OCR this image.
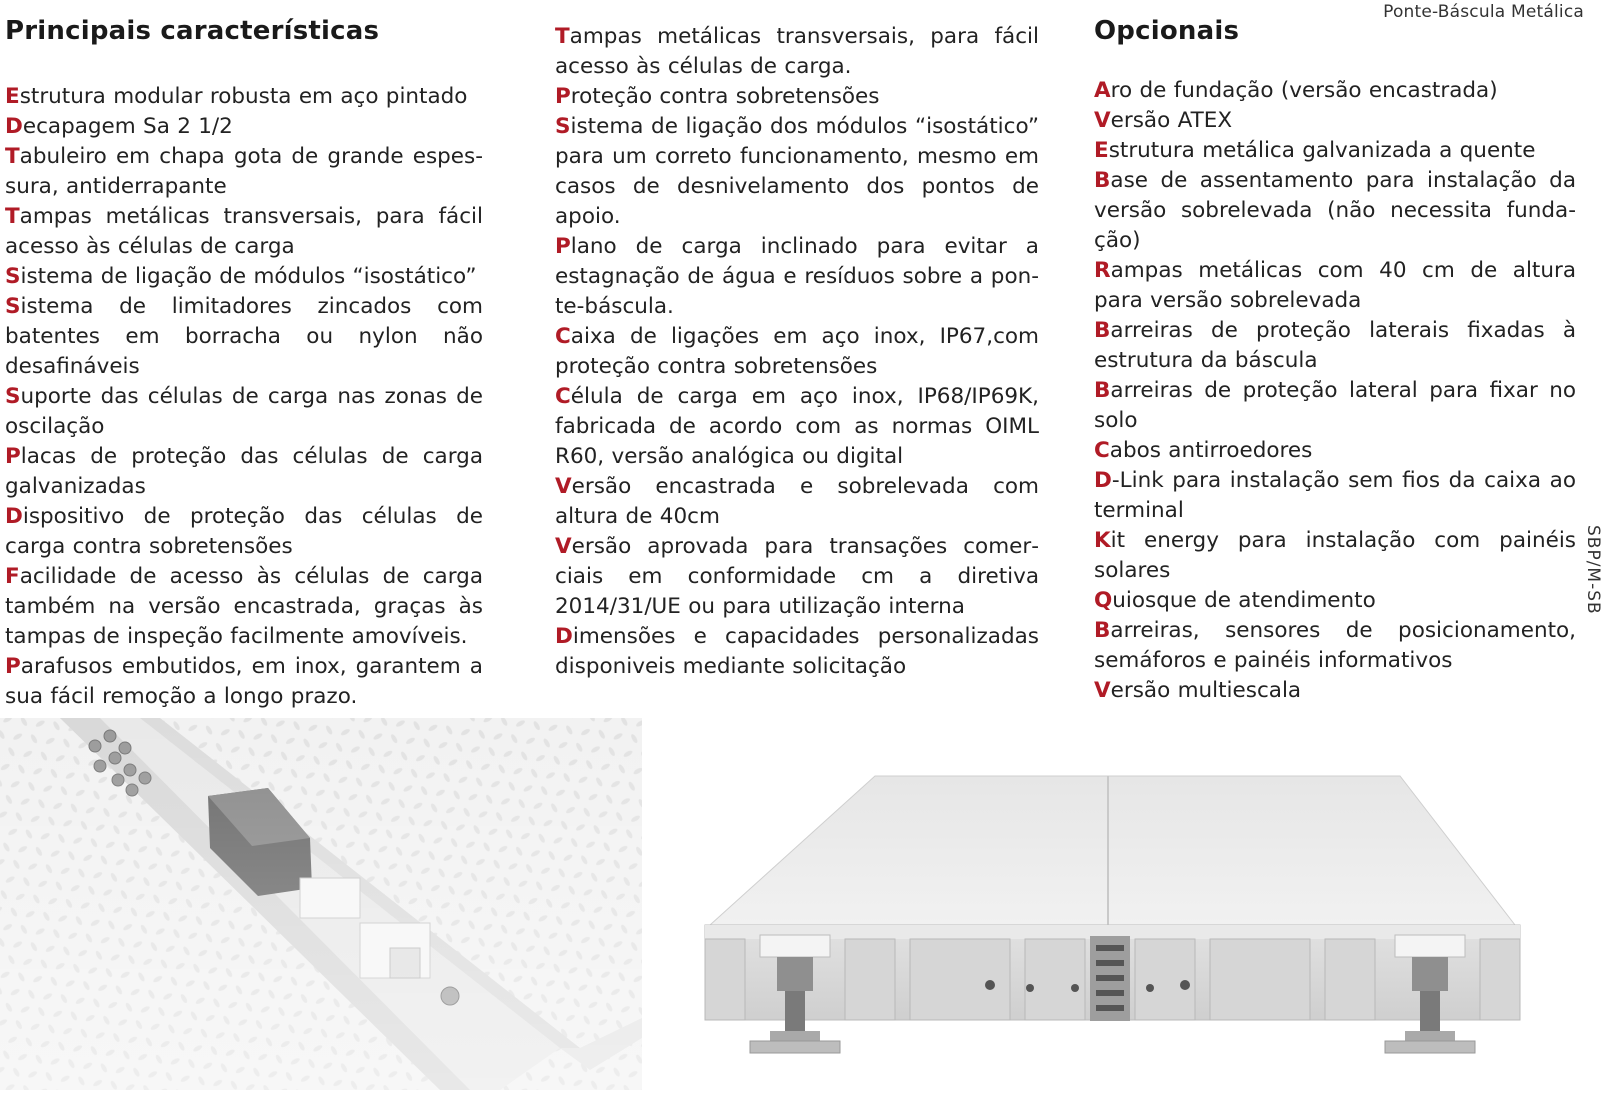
Ponte-Báscula Metálica
SBP/M-SB
Principais características
Estrutura modular robusta em aço pintado
Decapagem Sa 2 1/2
Tabuleiro em chapa gota de grande espessura, antiderrapante
Tampas metálicas transversais, para fácil acesso às células de carga
Sistema de ligação de módulos “isostático”
Sistema de limitadores zincados com batentes em borracha ou nylon não desafináveis
Suporte das células de carga nas zonas de oscilação
Placas de proteção das células de carga galvanizadas
Dispositivo de proteção das células de carga contra sobretensões
Facilidade de acesso às células de carga também na versão encastrada, graças às tampas de inspeção facilmente amovíveis.
Parafusos embutidos, em inox, garantem a sua fácil remoção a longo prazo.
Tampas metálicas transversais, para fácil acesso às células de carga.
Proteção contra sobretensões
Sistema de ligação dos módulos “isostático” para um correto funcionamento, mesmo em casos de desnivelamento dos pontos de apoio.
Plano de carga inclinado para evitar a estagnação de água e resíduos sobre a ponte-báscula.
Caixa de ligações em aço inox, IP67,com proteção contra sobretensões
Célula de carga em aço inox, IP68/IP69K, fabricada de acordo com as normas OIML R60, versão analógica ou digital
Versão encastrada e sobrelevada com altura de 40cm
Versão aprovada para transações comerciais em conformidade cm a diretiva 2014/31/UE ou para utilização interna
Dimensões e capacidades personalizadas disponiveis mediante solicitação
Opcionais
Aro de fundação (versão encastrada)
Versão ATEX
Estrutura metálica galvanizada a quente
Base de assentamento para instalação da versão sobrelevada (não necessita fundação)
Rampas metálicas com 40 cm de altura para versão sobrelevada
Barreiras de proteção laterais fixadas à estrutura da báscula
Barreiras de proteção lateral para fixar no solo
Cabos antirroedores
D-Link para instalação sem fios da caixa ao terminal
Kit energy para instalação com painéis solares
Quiosque de atendimento
Barreiras, sensores de posicionamento, semáforos e painéis informativos
Versão multiescala
